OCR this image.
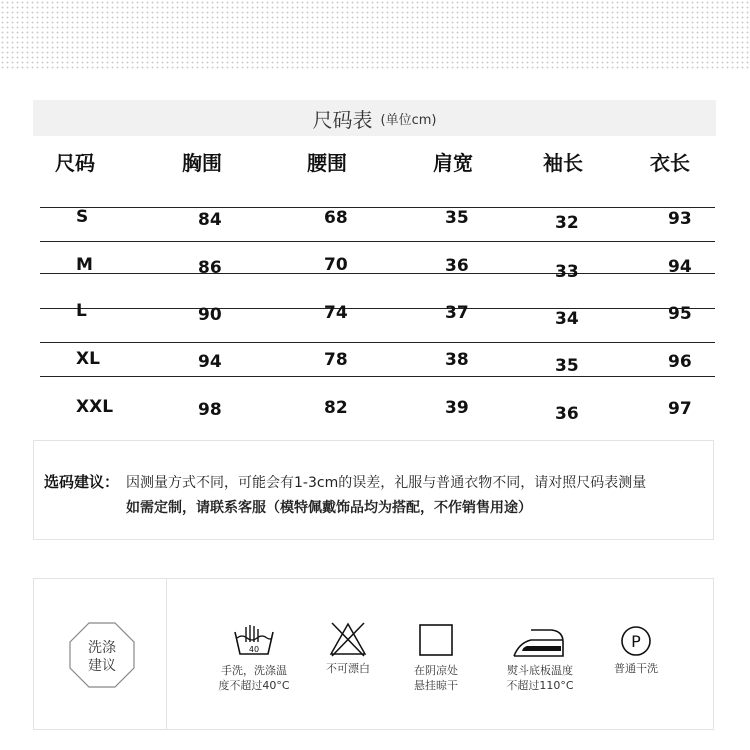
尺码表 (单位cm)
尺码	胸围	腰围	肩宽	袖长	衣长
S	84	68	35	32	93
M	86	70	36	33	94
L	90	74	37	34	95
XL	94	78	38	35	96
XXL	98	82	39	36	97
选码建议： 因测量方式不同，可能会有1-3cm的误差，礼服与普通衣物不同，请对照尺码表测量
如需定制，请联系客服（模特佩戴饰品均为搭配，不作销售用途）
洗涤
建议
40
手洗，洗涤温
度不超过40°C
不可漂白	在阴凉处
悬挂晾干
熨斗底板温度
不超过110°C
P
普通干洗
